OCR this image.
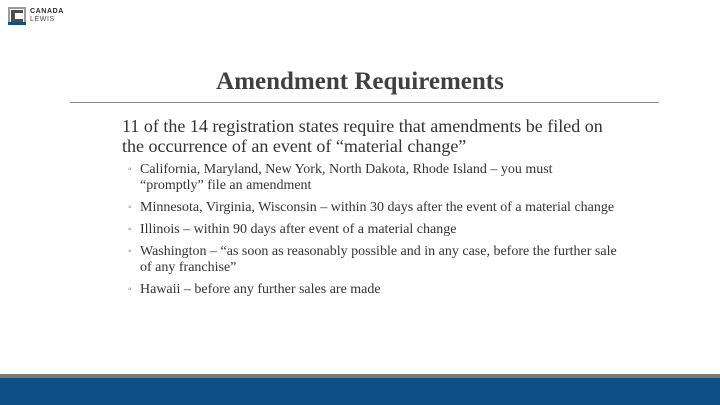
CANADA
LEWIS
Amendment Requirements

11 of the 14 registration states require that amendments be filed on the occurrence of an event of “material change”

◦ California, Maryland, New York, North Dakota, Rhode Island – you must “promptly” file an amendment
◦ Minnesota, Virginia, Wisconsin – within 30 days after the event of a material change
◦ Illinois – within 90 days after event of a material change
◦ Washington – “as soon as reasonably possible and in any case, before the further sale of any franchise”
◦ Hawaii – before any further sales are made
